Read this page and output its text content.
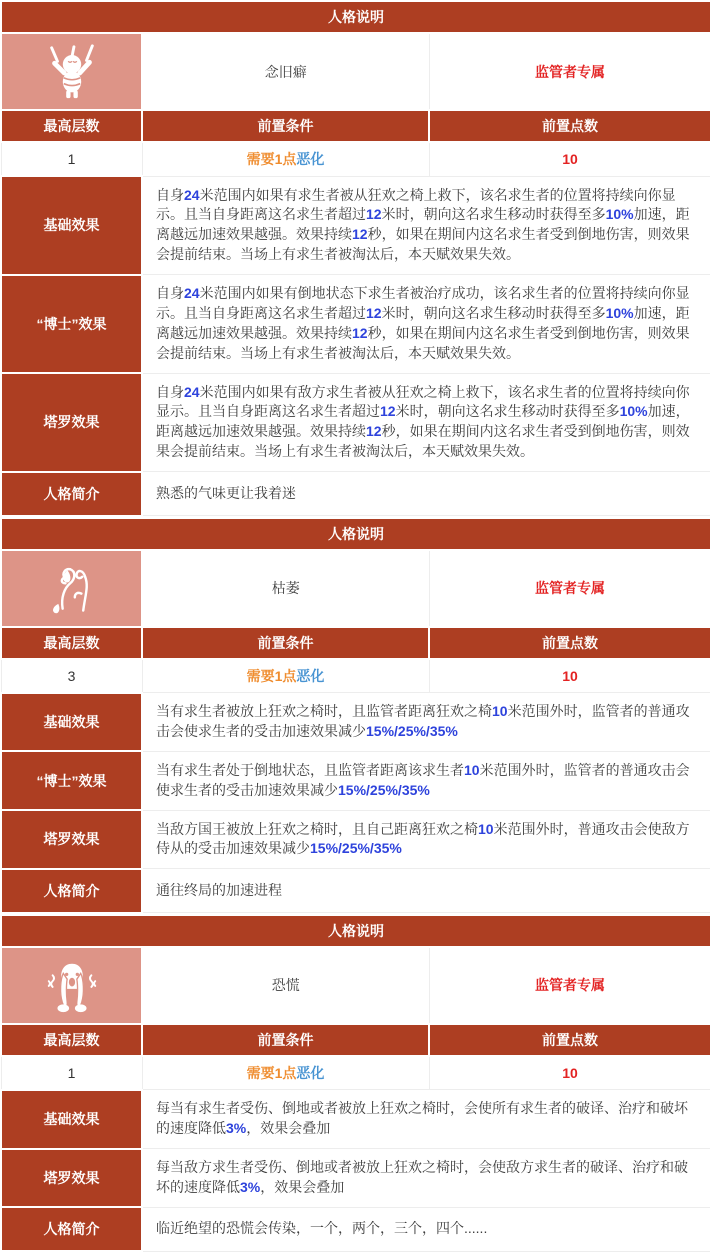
人格说明		

	念旧癖	监管者专属
最高层数	前置条件	前置点数
1	需要1点恶化	10
基础效果	自身24米范围内如果有求生者被从狂欢之椅上救下，该名求生者的位置将持续向你显示。且当自身距离这名求生者超过12米时，朝向这名求生移动时获得至多10%加速，距离越远加速效果越强。效果持续12秒，如果在期间内这名求生者受到倒地伤害，则效果会提前结束。当场上有求生者被淘汰后，本天赋效果失效。	
“博士”效果	自身24米范围内如果有倒地状态下求生者被治疗成功，该名求生者的位置将持续向你显示。且当自身距离这名求生者超过12米时，朝向这名求生移动时获得至多10%加速，距离越远加速效果越强。效果持续12秒，如果在期间内这名求生者受到倒地伤害，则效果会提前结束。当场上有求生者被淘汰后，本天赋效果失效。	
塔罗效果	自身24米范围内如果有敌方求生者被从狂欢之椅上救下，该名求生者的位置将持续向你显示。且当自身距离这名求生者超过12米时，朝向这名求生移动时获得至多10%加速，距离越远加速效果越强。效果持续12秒，如果在期间内这名求生者受到倒地伤害，则效果会提前结束。当场上有求生者被淘汰后，本天赋效果失效。	
人格简介	熟悉的气味更让我着迷	
人格说明		

	枯萎	监管者专属
最高层数	前置条件	前置点数
3	需要1点恶化	10
基础效果	当有求生者被放上狂欢之椅时，且监管者距离狂欢之椅10米范围外时，监管者的普通攻击会使求生者的受击加速效果减少15%/25%/35%	
“博士”效果	当有求生者处于倒地状态，且监管者距离该求生者10米范围外时，监管者的普通攻击会使求生者的受击加速效果减少15%/25%/35%	
塔罗效果	当敌方国王被放上狂欢之椅时，且自己距离狂欢之椅10米范围外时，普通攻击会使敌方侍从的受击加速效果减少15%/25%/35%	
人格简介	通往终局的加速进程	
人格说明		

	恐慌	监管者专属
最高层数	前置条件	前置点数
1	需要1点恶化	10
基础效果	每当有求生者受伤、倒地或者被放上狂欢之椅时，会使所有求生者的破译、治疗和破坏的速度降低3%，效果会叠加	
塔罗效果	每当敌方求生者受伤、倒地或者被放上狂欢之椅时，会使敌方求生者的破译、治疗和破坏的速度降低3%，效果会叠加	
人格简介	临近绝望的恐慌会传染，一个，两个，三个，四个......	
